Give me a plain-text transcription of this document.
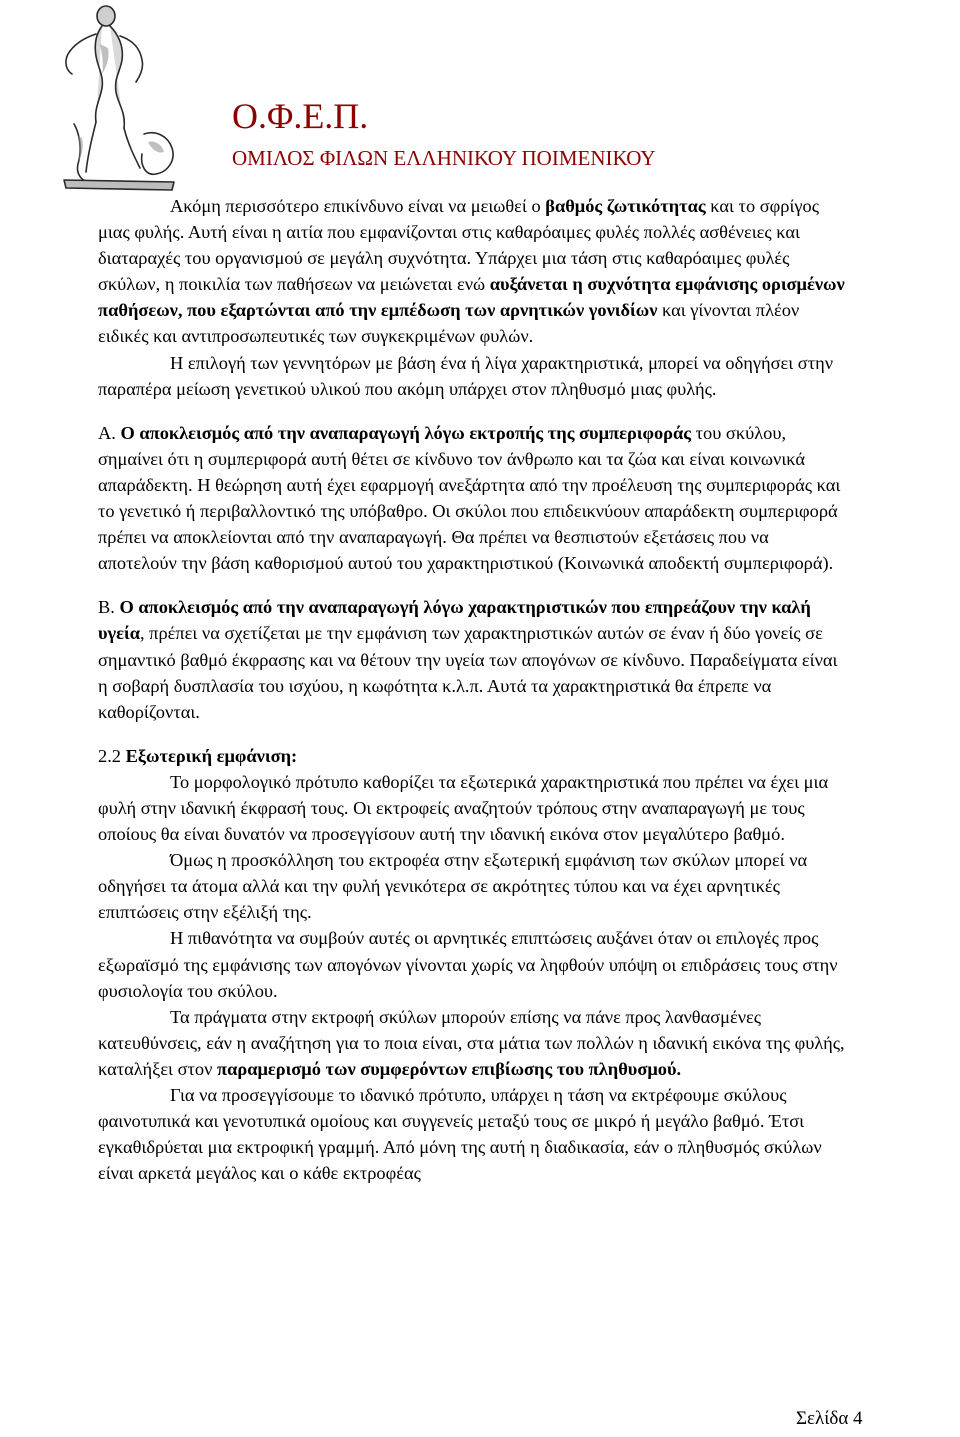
Ο.Φ.Ε.Π.
ΟΜΙΛΟΣ ΦΙΛΩΝ ΕΛΛΗΝΙΚΟΥ ΠΟΙΜΕΝΙΚΟΥ

Ακόμη περισσότερο επικίνδυνο είναι να μειωθεί ο βαθμός ζωτικότητας και το σφρίγος μιας φυλής. Αυτή είναι η αιτία που εμφανίζονται στις καθαρόαιμες φυλές πολλές ασθένειες και διαταραχές του οργανισμού σε μεγάλη συχνότητα. Υπάρχει μια τάση στις καθαρόαιμες φυλές σκύλων, η ποικιλία των παθήσεων να μειώνεται ενώ αυξάνεται η συχνότητα εμφάνισης ορισμένων παθήσεων, που εξαρτώνται από την εμπέδωση των αρνητικών γονιδίων και γίνονται πλέον ειδικές και αντιπροσωπευτικές των συγκεκριμένων φυλών.

Η επιλογή των γεννητόρων με βάση ένα ή λίγα χαρακτηριστικά, μπορεί να οδηγήσει στην παραπέρα μείωση γενετικού υλικού που ακόμη υπάρχει στον πληθυσμό μιας φυλής.

Α. Ο αποκλεισμός από την αναπαραγωγή λόγω εκτροπής της συμπεριφοράς του σκύλου, σημαίνει ότι η συμπεριφορά αυτή θέτει σε κίνδυνο τον άνθρωπο και τα ζώα και είναι κοινωνικά απαράδεκτη. Η θεώρηση αυτή έχει εφαρμογή ανεξάρτητα από την προέλευση της συμπεριφοράς και το γενετικό ή περιβαλλοντικό της υπόβαθρο. Οι σκύλοι που επιδεικνύουν απαράδεκτη συμπεριφορά πρέπει να αποκλείονται από την αναπαραγωγή. Θα πρέπει να θεσπιστούν εξετάσεις που να αποτελούν την βάση καθορισμού αυτού του χαρακτηριστικού (Κοινωνικά αποδεκτή συμπεριφορά).

Β. Ο αποκλεισμός από την αναπαραγωγή λόγω χαρακτηριστικών που επηρεάζουν την καλή υγεία, πρέπει να σχετίζεται με την εμφάνιση των χαρακτηριστικών αυτών σε έναν ή δύο γονείς σε σημαντικό βαθμό έκφρασης και να θέτουν την υγεία των απογόνων σε κίνδυνο. Παραδείγματα είναι η σοβαρή δυσπλασία του ισχύου, η κωφότητα κ.λ.π. Αυτά τα χαρακτηριστικά θα έπρεπε να καθορίζονται.

2.2 Εξωτερική εμφάνιση:

Το μορφολογικό πρότυπο καθορίζει τα εξωτερικά χαρακτηριστικά που πρέπει να έχει μια φυλή στην ιδανική έκφρασή τους. Οι εκτροφείς αναζητούν τρόπους στην αναπαραγωγή με τους οποίους θα είναι δυνατόν να προσεγγίσουν αυτή την ιδανική εικόνα στον μεγαλύτερο βαθμό.

Όμως η προσκόλληση του εκτροφέα στην εξωτερική εμφάνιση των σκύλων μπορεί να οδηγήσει τα άτομα αλλά και την φυλή γενικότερα σε ακρότητες τύπου και να έχει αρνητικές επιπτώσεις στην εξέλιξή της.

Η πιθανότητα να συμβούν αυτές οι αρνητικές επιπτώσεις αυξάνει όταν οι επιλογές προς εξωραϊσμό της εμφάνισης των απογόνων γίνονται χωρίς να ληφθούν υπόψη οι επιδράσεις τους στην φυσιολογία του σκύλου.

Τα πράγματα στην εκτροφή σκύλων μπορούν επίσης να πάνε προς λανθασμένες κατευθύνσεις, εάν η αναζήτηση για το ποια είναι, στα μάτια των πολλών η ιδανική εικόνα της φυλής, καταλήξει στον παραμερισμό των συμφερόντων επιβίωσης του πληθυσμού.

Για να προσεγγίσουμε το ιδανικό πρότυπο, υπάρχει η τάση να εκτρέφουμε σκύλους φαινοτυπικά και γενοτυπικά ομοίους και συγγενείς μεταξύ τους σε μικρό ή μεγάλο βαθμό. Έτσι εγκαθιδρύεται μια εκτροφική γραμμή. Από μόνη της αυτή η διαδικασία, εάν ο πληθυσμός σκύλων είναι αρκετά μεγάλος και ο κάθε εκτροφέας

Σελίδα 4
